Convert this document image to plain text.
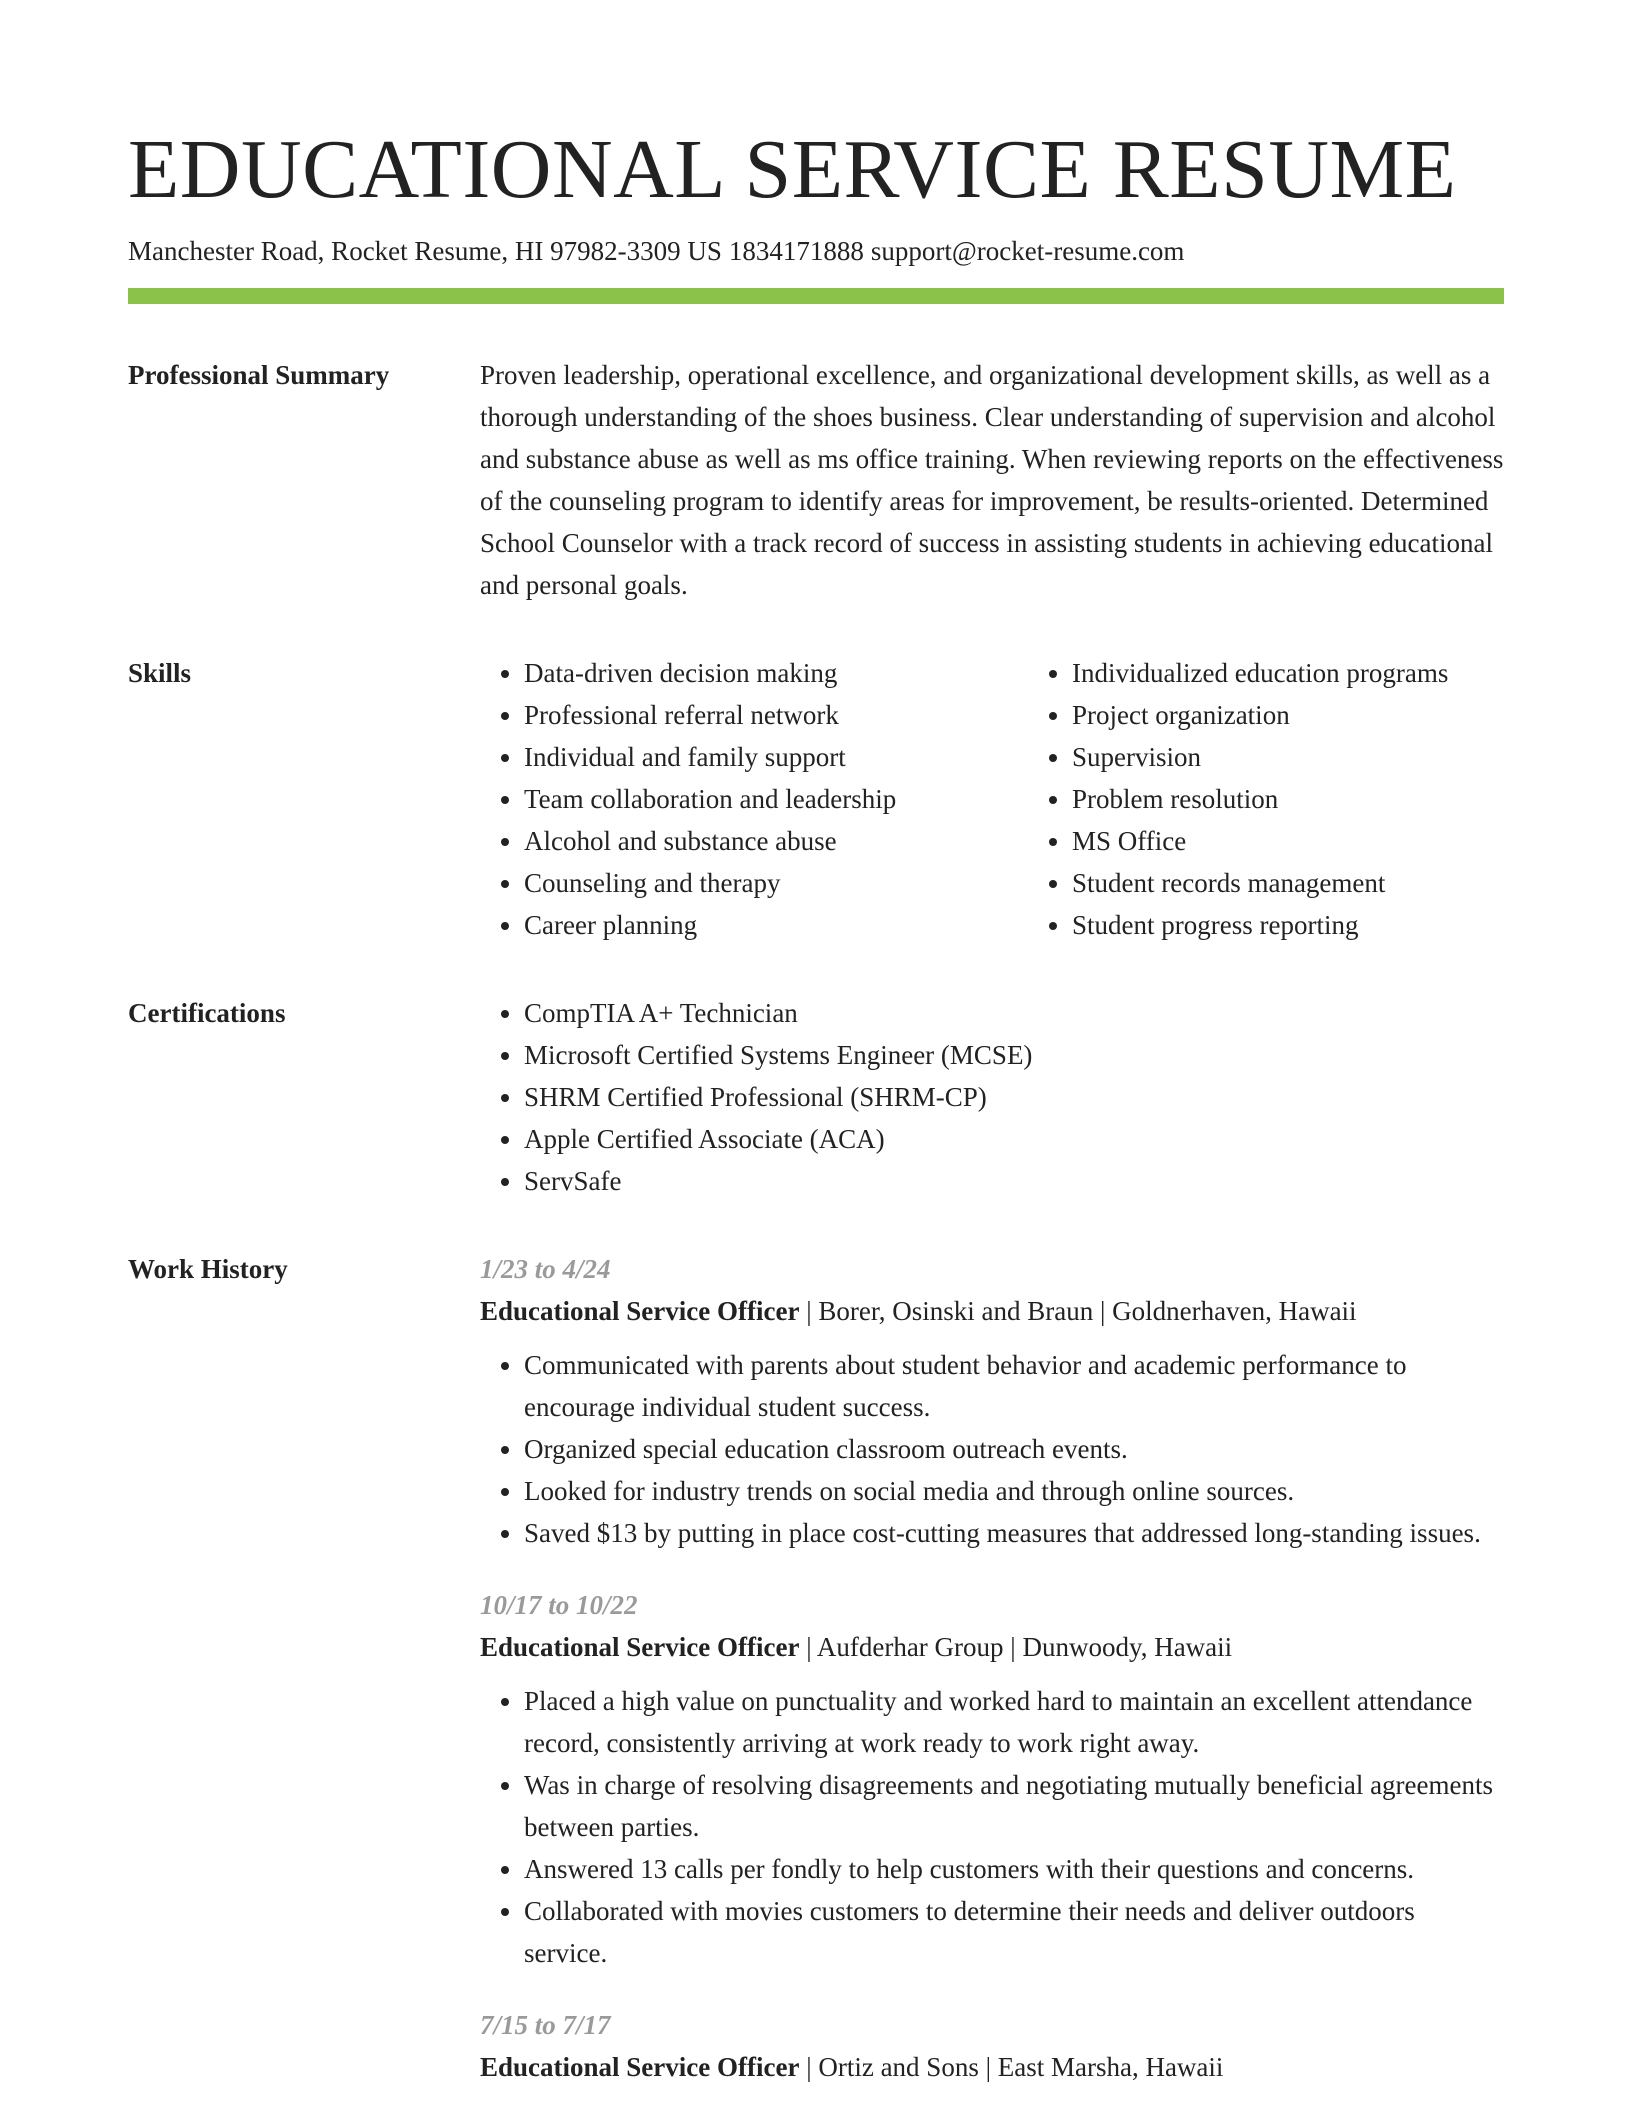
EDUCATIONAL SERVICE RESUME
Manchester Road, Rocket Resume, HI 97982-3309 US 1834171888 support@rocket-resume.com
Professional Summary	Proven leadership, operational excellence, and organizational development skills, as well as a thorough understanding of the shoes business. Clear understanding of supervision and alcohol and substance abuse as well as ms office training. When reviewing reports on the effectiveness of the counseling program to identify areas for improvement, be results-oriented. Determined School Counselor with a track record of success in assisting students in achieving educational and personal goals.

Skills	• Data-driven decision making
• Professional referral network
• Individual and family support
• Team collaboration and leadership
• Alcohol and substance abuse
• Counseling and therapy
• Career planning
• Individualized education programs
• Project organization
• Supervision
• Problem resolution
• MS Office
• Student records management
• Student progress reporting
Certifications	• CompTIA A+ Technician
• Microsoft Certified Systems Engineer (MCSE)
• SHRM Certified Professional (SHRM-CP)
• Apple Certified Associate (ACA)
• ServSafe
Work History	1/23 to 4/24
Educational Service Officer | Borer, Osinski and Braun | Goldnerhaven, Hawaii
• Communicated with parents about student behavior and academic performance to encourage individual student success.
• Organized special education classroom outreach events.
• Looked for industry trends on social media and through online sources.
• Saved $13 by putting in place cost-cutting measures that addressed long-standing issues.
10/17 to 10/22
Educational Service Officer | Aufderhar Group | Dunwoody, Hawaii
• Placed a high value on punctuality and worked hard to maintain an excellent attendance record, consistently arriving at work ready to work right away.
• Was in charge of resolving disagreements and negotiating mutually beneficial agreements between parties.
• Answered 13 calls per fondly to help customers with their questions and concerns.
• Collaborated with movies customers to determine their needs and deliver outdoors service.
7/15 to 7/17
Educational Service Officer | Ortiz and Sons | East Marsha, Hawaii
